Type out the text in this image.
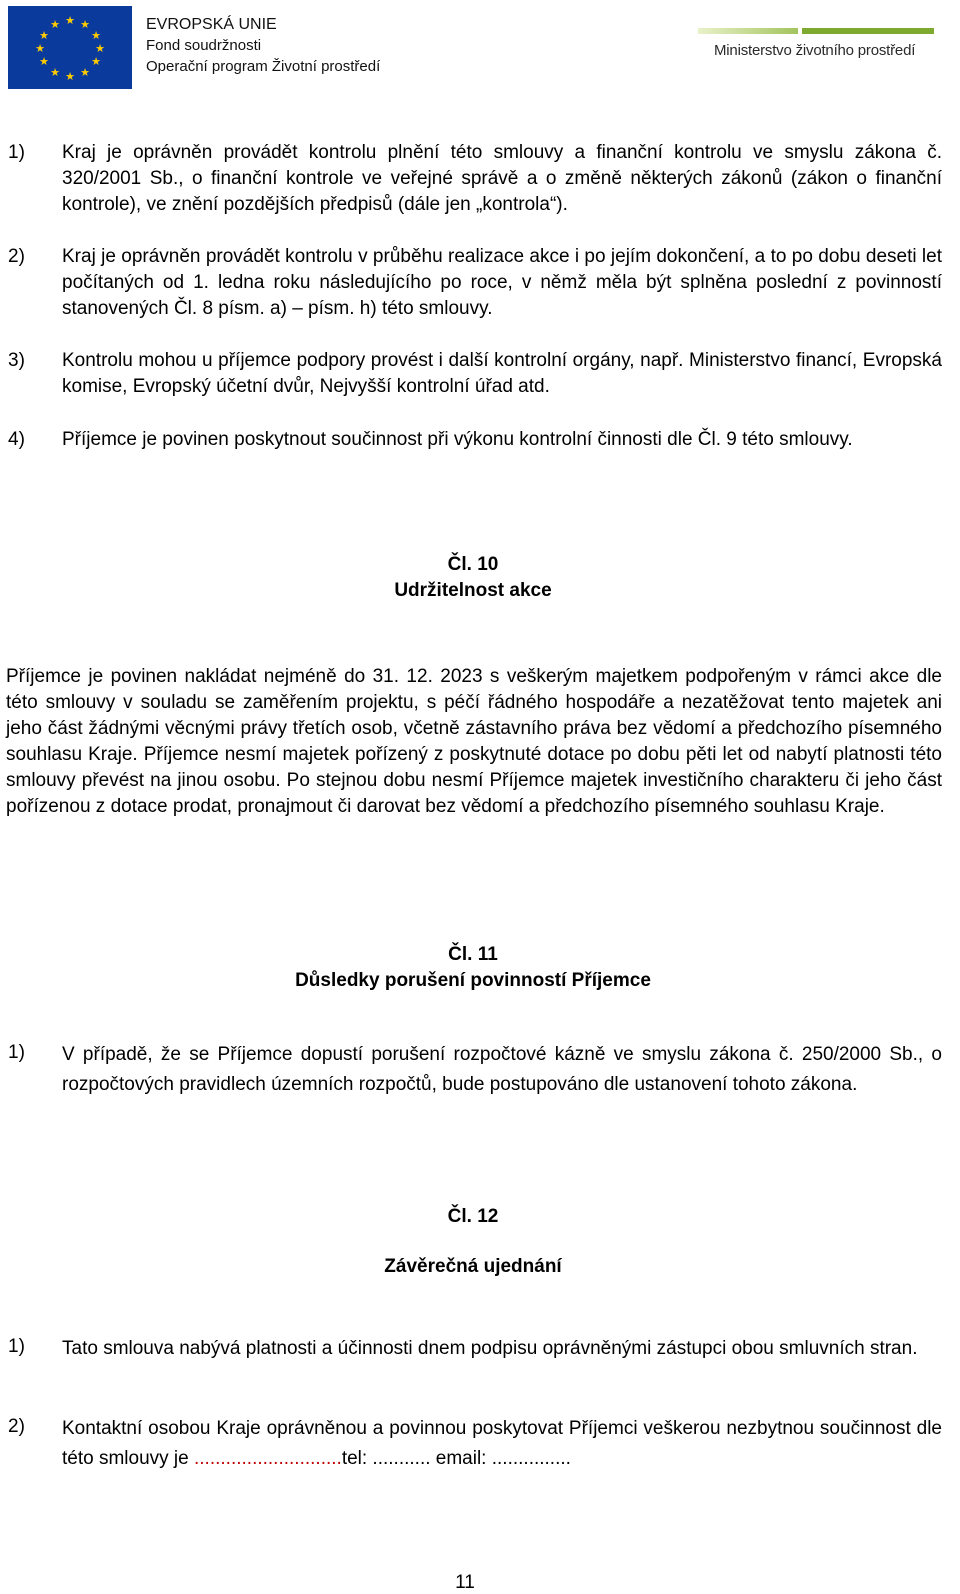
★ ★
★
★
★
★
★
★
★
★
★
★	EVROPSKÁ UNIE
Fond soudržnosti
Operační program Životní prostředí
Ministerstvo životního prostředí
1) Kraj je oprávněn provádět kontrolu plnění této smlouvy a finanční kontrolu ve smyslu zákona č. 320/2001 Sb., o finanční kontrole ve veřejné správě a o změně některých zákonů (zákon o finanční kontrole), ve znění pozdějších předpisů (dále jen „kontrola“).
2) Kraj je oprávněn provádět kontrolu v průběhu realizace akce i po jejím dokončení, a to po dobu deseti let počítaných od 1. ledna roku následujícího po roce, v němž měla být splněna poslední z povinností stanovených Čl. 8 písm. a) – písm. h) této smlouvy.
3) Kontrolu mohou u příjemce podpory provést i další kontrolní orgány, např. Ministerstvo financí, Evropská komise, Evropský účetní dvůr, Nejvyšší kontrolní úřad atd.
4) Příjemce je povinen poskytnout součinnost při výkonu kontrolní činnosti dle Čl. 9 této smlouvy.
Čl. 10
Udržitelnost akce
Příjemce je povinen nakládat nejméně do 31. 12. 2023 s veškerým majetkem podpořeným v rámci akce dle této smlouvy v souladu se zaměřením projektu, s péčí řádného hospodáře a nezatěžovat tento majetek ani jeho část žádnými věcnými právy třetích osob, včetně zástavního práva bez vědomí a předchozího písemného souhlasu Kraje. Příjemce nesmí majetek pořízený z poskytnuté dotace po dobu pěti let od nabytí platnosti této smlouvy převést na jinou osobu. Po stejnou dobu nesmí Příjemce majetek investičního charakteru či jeho část pořízenou z dotace prodat, pronajmout či darovat bez vědomí a předchozího písemného souhlasu Kraje.
Čl. 11
Důsledky porušení povinností Příjemce
1) V případě, že se Příjemce dopustí porušení rozpočtové kázně ve smyslu zákona č. 250/2000 Sb., o rozpočtových pravidlech územních rozpočtů, bude postupováno dle ustanovení tohoto zákona.
Čl. 12
Závěrečná ujednání
1) Tato smlouva nabývá platnosti a účinnosti dnem podpisu oprávněnými zástupci obou smluvních stran.
2) Kontaktní osobou Kraje oprávněnou a povinnou poskytovat Příjemci veškerou nezbytnou součinnost dle této smlouvy je ............................tel: ........... email: ...............
11
